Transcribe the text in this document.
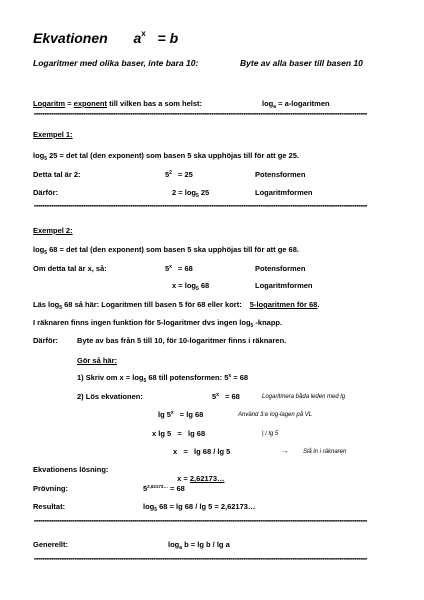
Ekvationen $a^x = b$
Logaritmer med olika baser, inte bara 10:	Byte av alla baser till basen 10
Logaritm = exponent till vilken bas a som helst:	$\log_a$ = a-logaritmen
************************************************************************************************************************************************************
Exempel 1:
$\log_5 25 = \det$ tal (den exponent) som basen 5 ska upphöjas till för att ge 25.
Detta tal är 2:	$5^2 = 25$	Potensformen
Därför:	$2 = \log_5 25$	Logaritmformen
************************************************************************************************************************************************************
Exempel 2:
$\log_5 68 = \det$ tal (den exponent) som basen 5 ska upphöjas till för att ge 68.
Om detta tal är x, så:	$5^x = 68$	Potensformen
$x = \log_5 68$	Logaritmformen
Läs $\log_5 68$ så här: Logaritmen till basen 5 för 68 eller kort: 5-logaritmen för 68.
I räknaren finns ingen funktion för 5-logaritmer dvs ingen $\log_5$ -knapp.
Därför:	Byte av bas från 5 till 10, för 10-logaritmer finns i räknaren.
Gör så här:
1) Skriv om $x = \log_5 68$ till potensformen: $5^x = 68$
2) Lös ekvationen:	$5^x = 68$	Logaritmera båda leden med lg
$\lg 5^x = \lg 68$	Använd 3:e log-lagen på VL
x lg 5   =   lg 68	| / lg 5
x   =   lg 68 / lg 5	→ Slå in i räknaren
Ekvationens lösning:

x = 2,62173…

Prövning:	$5^{2,62173\dots} = 68$
Resultat:	$\log_5 68 = \lg 68 / \lg 5$ = 2,62173…
************************************************************************************************************************************************************
Generellt:	$\log_a b = \lg b / \lg a$
************************************************************************************************************************************************************
